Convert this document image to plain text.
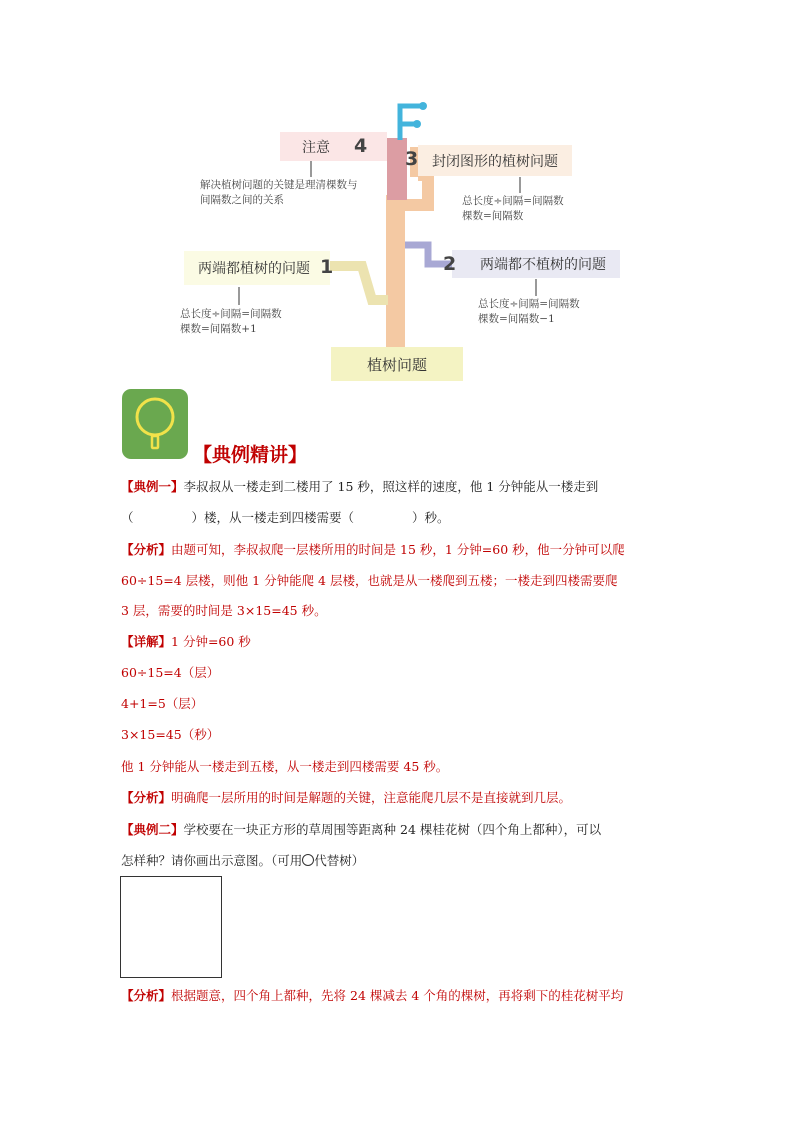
植树问题
两端都植树的问题 1
总长度÷间隔=间隔数
棵数=间隔数+1
两端都不植树的问题
2
总长度÷间隔=间隔数
棵数=间隔数−1
封闭图形的植树问题
3
总长度÷间隔=间隔数
棵数=间隔数
注意 4
解决植树问题的关键是理清棵数与
间隔数之间的关系
【典例精讲】
【典例一】李叔叔从一楼走到二楼用了 15 秒，照这样的速度，他 1 分钟能从一楼走到
（	）楼，从一楼走到四楼需要（	）秒。
【分析】由题可知，李叔叔爬一层楼所用的时间是 15 秒，1 分钟=60 秒，他一分钟可以爬
60÷15=4 层楼，则他 1 分钟能爬 4 层楼，也就是从一楼爬到五楼；一楼走到四楼需要爬
3 层，需要的时间是 3×15=45 秒。
【详解】1 分钟=60 秒
60÷15=4（层）
4+1=5（层）
3×15=45（秒）
他 1 分钟能从一楼走到五楼，从一楼走到四楼需要 45 秒。
【分析】明确爬一层所用的时间是解题的关键，注意能爬几层不是直接就到几层。
【典例二】学校要在一块正方形的草周围等距离种 24 棵桂花树（四个角上都种），可以
怎样种？请你画出示意图。（可用 代替树）
【分析】根据题意，四个角上都种，先将 24 棵减去 4 个角的棵树，再将剩下的桂花树平均
